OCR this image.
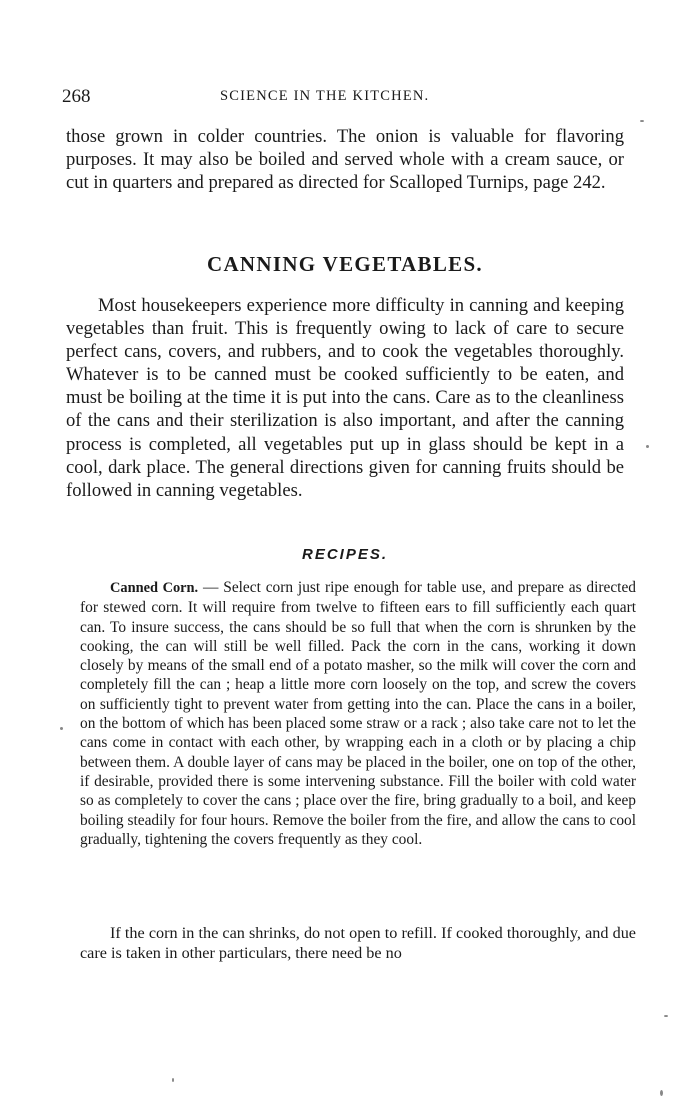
268	SCIENCE IN THE KITCHEN.

those grown in colder countries. The onion is valuable for flavoring purposes. It may also be boiled and served whole with a cream sauce, or cut in quarters and prepared as directed for Scalloped Turnips, page 242.

CANNING VEGETABLES.

Most housekeepers experience more difficulty in canning and keeping vegetables than fruit. This is frequently owing to lack of care to secure perfect cans, covers, and rubbers, and to cook the vegetables thoroughly. Whatever is to be canned must be cooked sufficiently to be eaten, and must be boiling at the time it is put into the cans. Care as to the cleanliness of the cans and their sterilization is also important, and after the canning process is completed, all vegetables put up in glass should be kept in a cool, dark place. The general directions given for canning fruits should be followed in canning vegetables.

RECIPES.

Canned Corn. — Select corn just ripe enough for table use, and prepare as directed for stewed corn. It will require from twelve to fifteen ears to fill sufficiently each quart can. To insure success, the cans should be so full that when the corn is shrunken by the cooking, the can will still be well filled. Pack the corn in the cans, working it down closely by means of the small end of a potato masher, so the milk will cover the corn and completely fill the can ; heap a little more corn loosely on the top, and screw the covers on sufficiently tight to prevent water from getting into the can. Place the cans in a boiler, on the bottom of which has been placed some straw or a rack ; also take care not to let the cans come in contact with each other, by wrapping each in a cloth or by placing a chip between them. A double layer of cans may be placed in the boiler, one on top of the other, if desirable, provided there is some intervening substance. Fill the boiler with cold water so as completely to cover the cans ; place over the fire, bring gradually to a boil, and keep boiling steadily for four hours. Remove the boiler from the fire, and allow the cans to cool gradually, tightening the covers frequently as they cool.

If the corn in the can shrinks, do not open to refill. If cooked thoroughly, and due care is taken in other particulars, there need be no
